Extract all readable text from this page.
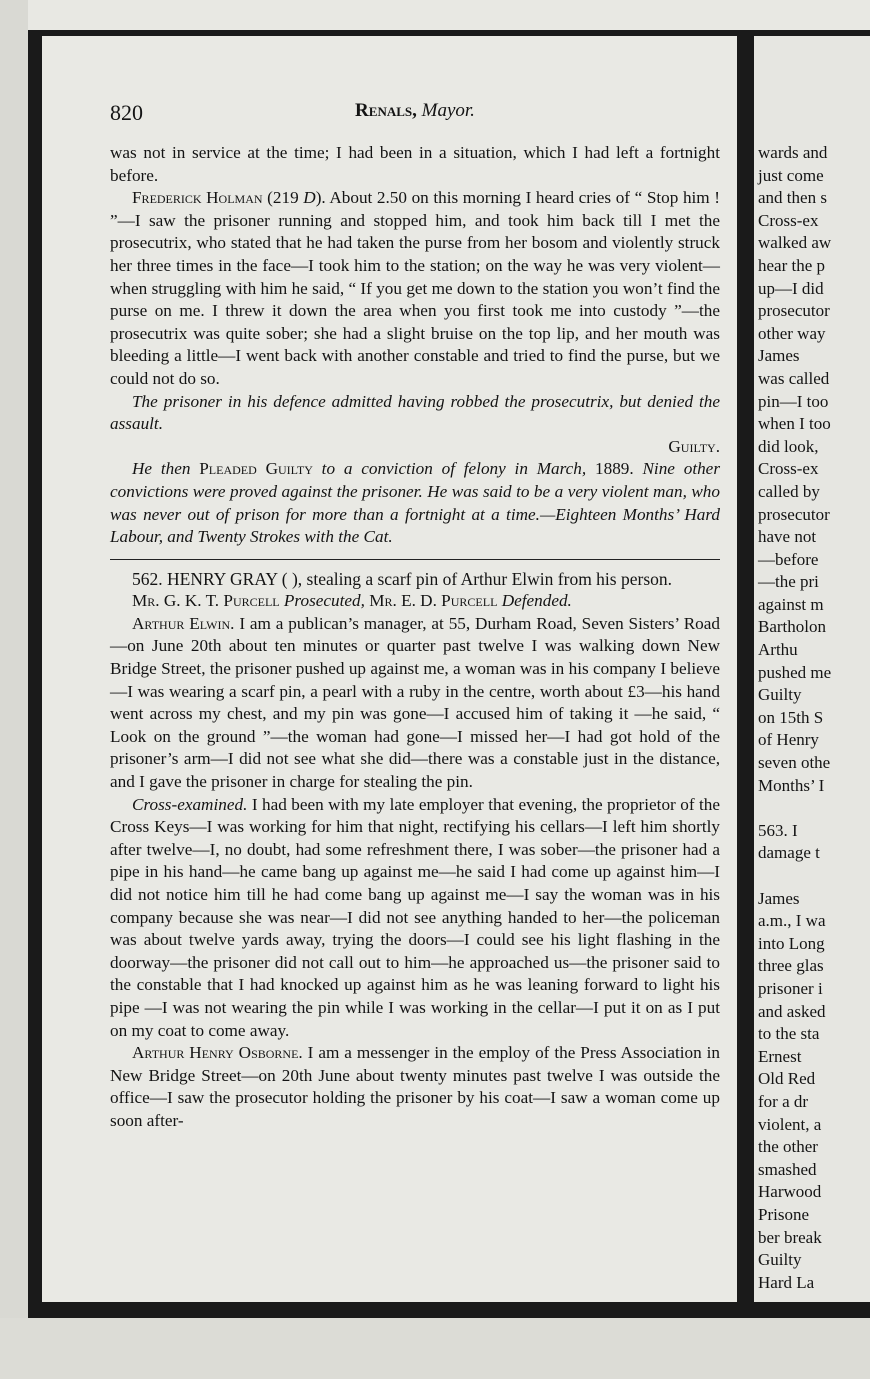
820	Renals, Mayor.

was not in service at the time; I had been in a situation, which I had left a fortnight before.

Frederick Holman (219 D). About 2.50 on this morning I heard cries of “ Stop him ! ”—I saw the prisoner running and stopped him, and took him back till I met the prosecutrix, who stated that he had taken the purse from her bosom and violently struck her three times in the face—I took him to the station; on the way he was very violent—when struggling with him he said, “ If you get me down to the station you won’t find the purse on me. I threw it down the area when you first took me into custody ”—the prosecutrix was quite sober; she had a slight bruise on the top lip, and her mouth was bleeding a little—I went back with another constable and tried to find the purse, but we could not do so.

The prisoner in his defence admitted having robbed the prosecutrix, but denied the assault.

Guilty.

He then Pleaded Guilty to a conviction of felony in March, 1889. Nine other convictions were proved against the prisoner. He was said to be a very violent man, who was never out of prison for more than a fortnight at a time.—Eighteen Months’ Hard Labour, and Twenty Strokes with the Cat.

562. HENRY GRAY ( ), stealing a scarf pin of Arthur Elwin from his person.

Mr. G. K. T. Purcell Prosecuted, Mr. E. D. Purcell Defended.

Arthur Elwin. I am a publican’s manager, at 55, Durham Road, Seven Sisters’ Road—on June 20th about ten minutes or quarter past twelve I was walking down New Bridge Street, the prisoner pushed up against me, a woman was in his company I believe—I was wearing a scarf pin, a pearl with a ruby in the centre, worth about £3—his hand went across my chest, and my pin was gone—I accused him of taking it —he said, “ Look on the ground ”—the woman had gone—I missed her—I had got hold of the prisoner’s arm—I did not see what she did—there was a constable just in the distance, and I gave the prisoner in charge for stealing the pin.

Cross-examined. I had been with my late employer that evening, the proprietor of the Cross Keys—I was working for him that night, rectifying his cellars—I left him shortly after twelve—I, no doubt, had some refreshment there, I was sober—the prisoner had a pipe in his hand—he came bang up against me—he said I had come up against him—I did not notice him till he had come bang up against me—I say the woman was in his company because she was near—I did not see anything handed to her—the policeman was about twelve yards away, trying the doors—I could see his light flashing in the doorway—the prisoner did not call out to him—he approached us—the prisoner said to the constable that I had knocked up against him as he was leaning forward to light his pipe —I was not wearing the pin while I was working in the cellar—I put it on as I put on my coat to come away.

Arthur Henry Osborne. I am a messenger in the employ of the Press Association in New Bridge Street—on 20th June about twenty minutes past twelve I was outside the office—I saw the prosecutor holding the prisoner by his coat—I saw a woman come up soon after-

wards and

just come

and then s

Cross-ex

walked aw

hear the p

up—I did

prosecutor

other way

James

was called

pin—I too

when I too

did look,

Cross-ex

called by

prosecutor

have not

—before

—the pri

against m

Bartholon

Arthu

pushed me

Guilty

on 15th S

of Henry

seven othe

Months’ I

563. I

damage t

James

a.m., I wa

into Long

three glas

prisoner i

and asked

to the sta

Ernest

Old Red

for a dr

violent, a

the other

smashed

Harwood

Prisone

ber break

Guilty

Hard La
